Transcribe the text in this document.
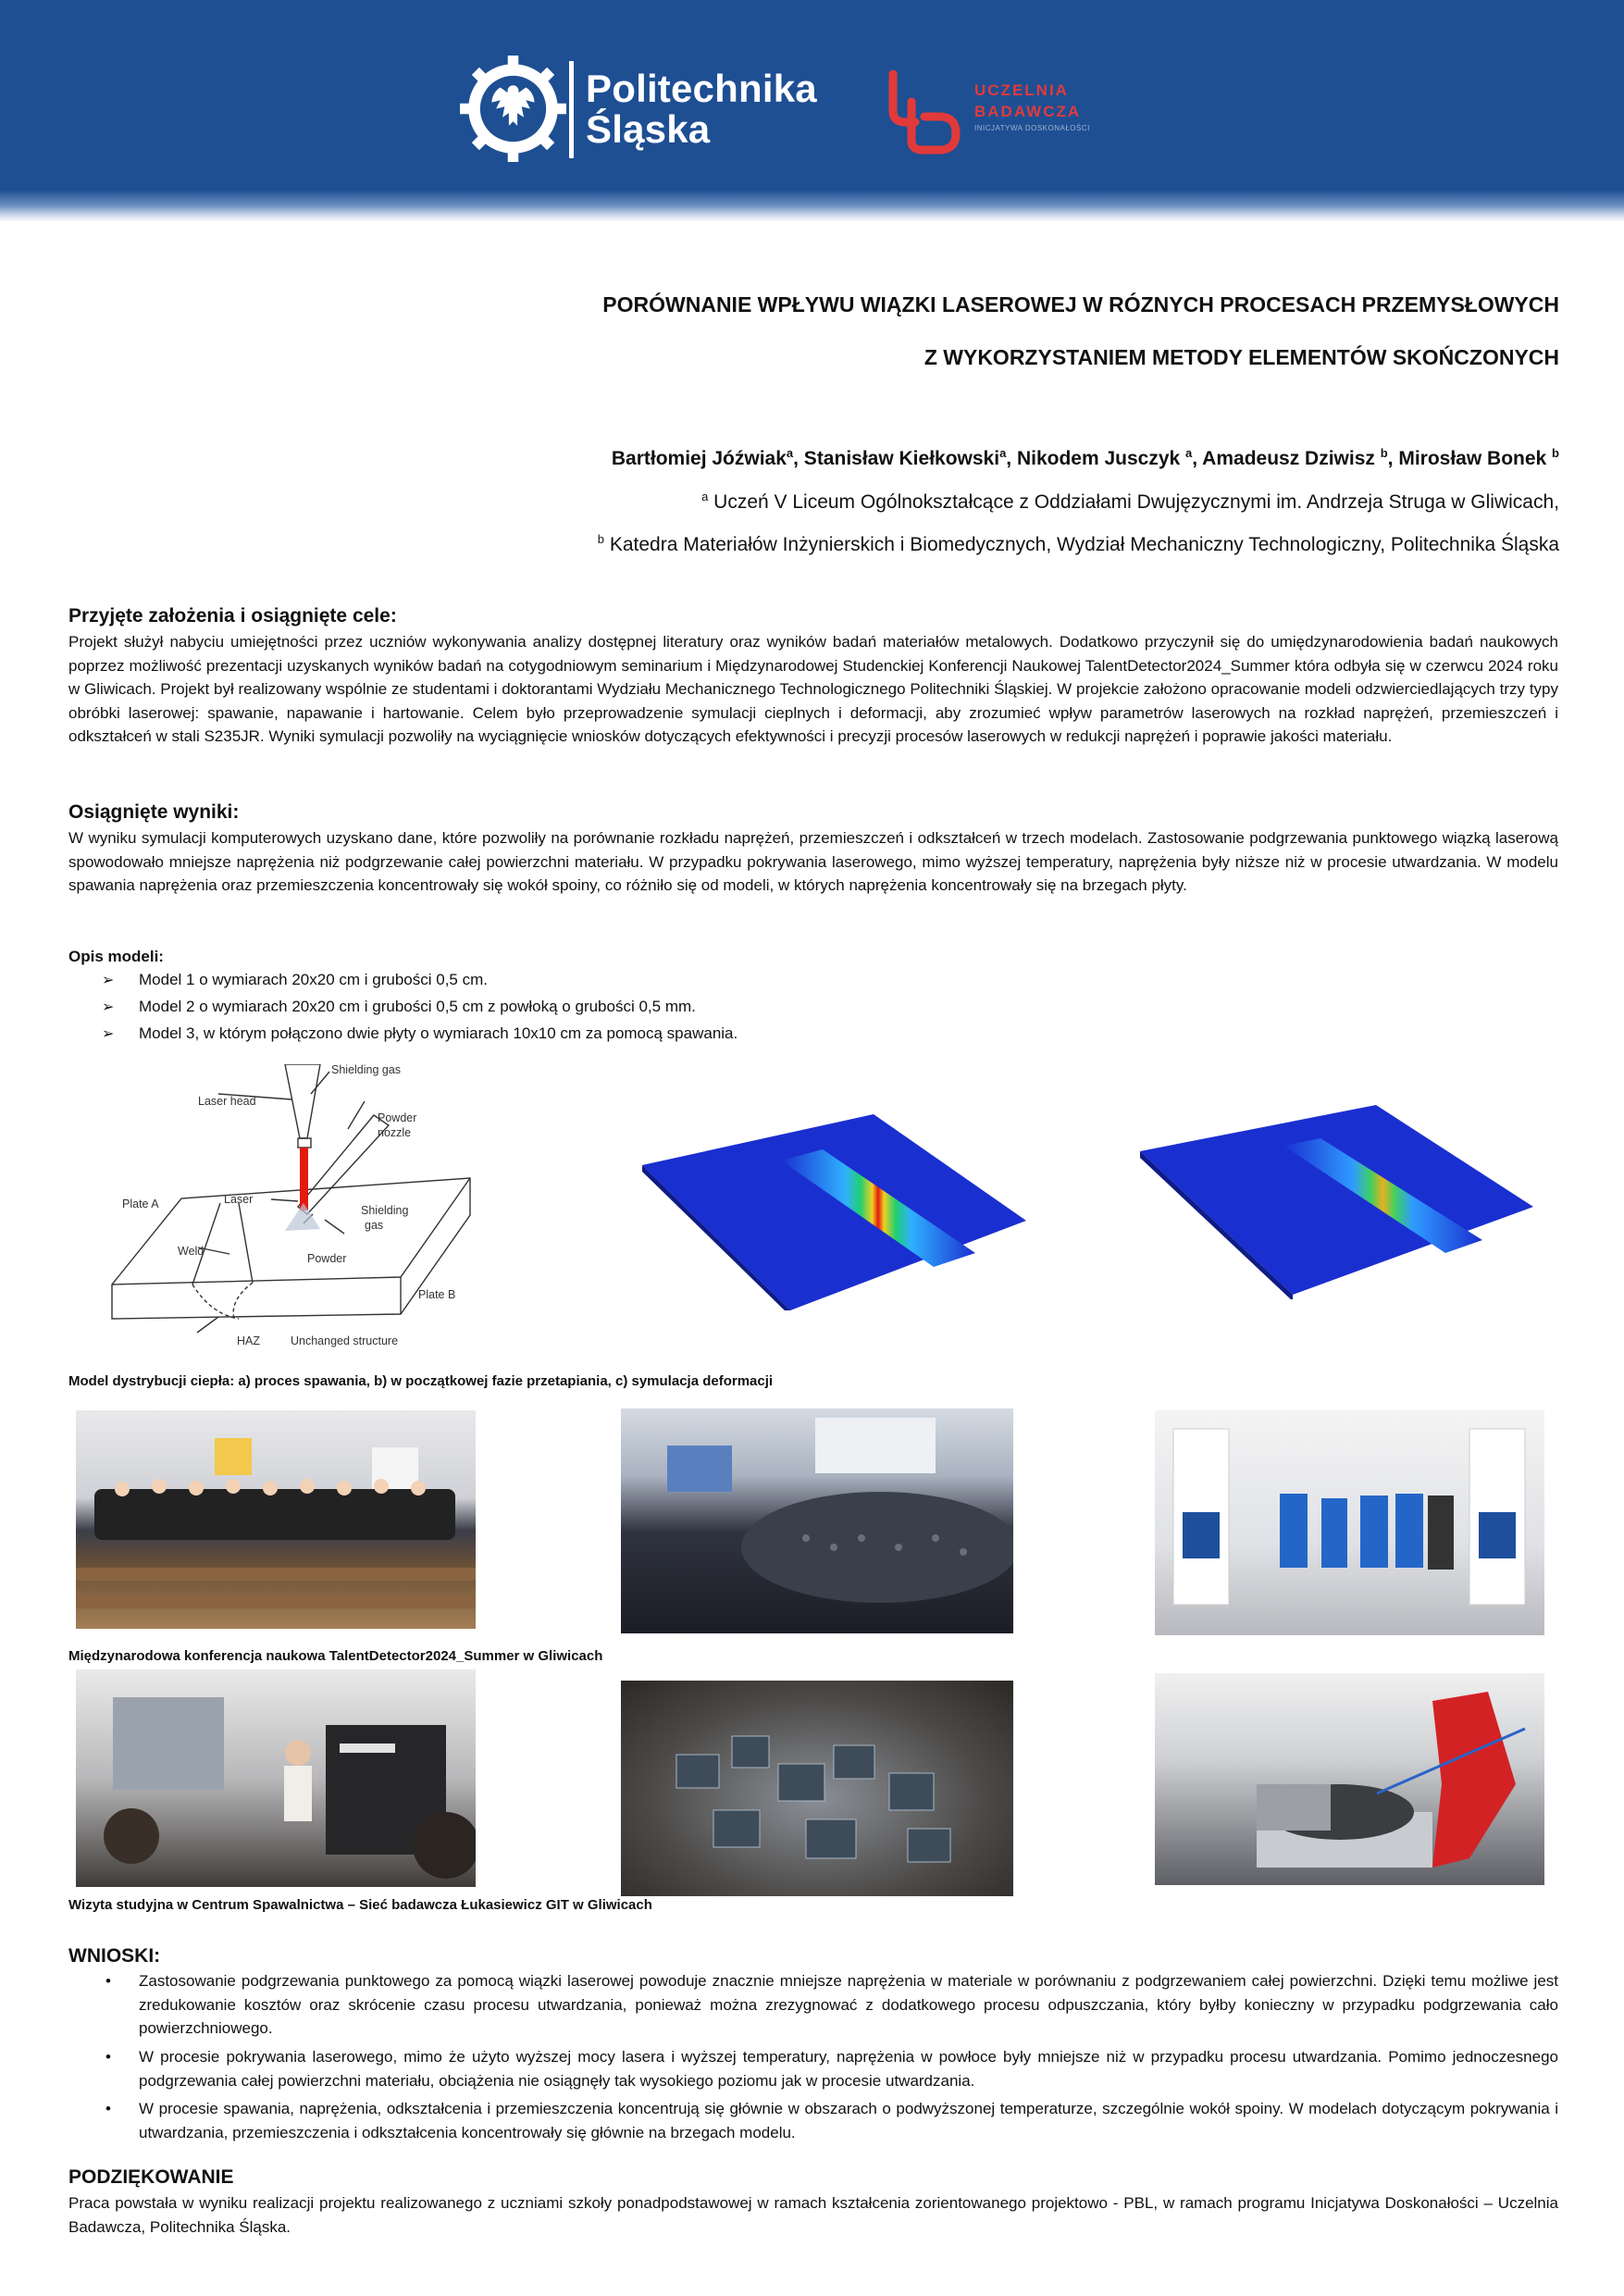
Politechnika
Śląska
UCZELNIA
BADAWCZA
INICJATYWA DOSKONAŁOŚCI
PORÓWNANIE WPŁYWU WIĄZKI LASEROWEJ W RÓZNYCH PROCESACH PRZEMYSŁOWYCH
Z WYKORZYSTANIEM METODY ELEMENTÓW SKOŃCZONYCH
Bartłomiej Jóźwiak$^a$, Stanisław Kiełkowski$^a$, Nikodem Jusczyk $^a$, Amadeusz Dziwisz $^b$, Mirosław Bonek $^b$
$^a$ Uczeń V Liceum Ogólnokształcące z Oddziałami Dwujęzycznymi im. Andrzeja Struga w Gliwicach,
$^b$ Katedra Materiałów Inżynierskich i Biomedycznych, Wydział Mechaniczny Technologiczny, Politechnika Śląska
Przyjęte założenia i osiągnięte cele:
Projekt służył nabyciu umiejętności przez uczniów wykonywania analizy dostępnej literatury oraz wyników badań materiałów metalowych. Dodatkowo przyczynił się do umiędzynarodowienia badań naukowych poprzez możliwość prezentacji uzyskanych wyników badań na cotygodniowym seminarium i Międzynarodowej Studenckiej Konferencji Naukowej TalentDetector2024_Summer która odbyła się w czerwcu 2024 roku w Gliwicach. Projekt był realizowany wspólnie ze studentami i doktorantami Wydziału Mechanicznego Technologicznego Politechniki Śląskiej. W projekcie założono opracowanie modeli odzwierciedlających trzy typy obróbki laserowej: spawanie, napawanie i hartowanie. Celem było przeprowadzenie symulacji cieplnych i deformacji, aby zrozumieć wpływ parametrów laserowych na rozkład naprężeń, przemieszczeń i odkształceń w stali S235JR. Wyniki symulacji pozwoliły na wyciągnięcie wniosków dotyczących efektywności i precyzji procesów laserowych w redukcji naprężeń i poprawie jakości materiału.
Osiągnięte wyniki:
W wyniku symulacji komputerowych uzyskano dane, które pozwoliły na porównanie rozkładu naprężeń, przemieszczeń i odkształceń w trzech modelach. Zastosowanie podgrzewania punktowego wiązką laserową spowodowało mniejsze naprężenia niż podgrzewanie całej powierzchni materiału. W przypadku pokrywania laserowego, mimo wyższej temperatury, naprężenia były niższe niż w procesie utwardzania. W modelu spawania naprężenia oraz przemieszczenia koncentrowały się wokół spoiny, co różniło się od modeli, w których naprężenia koncentrowały się na brzegach płyty.
Opis modeli:
➢	Model 1 o wymiarach 20x20 cm i grubości 0,5 cm.
➢	Model 2 o wymiarach 20x20 cm i grubości 0,5 cm z powłoką o grubości 0,5 mm.
➢	Model 3, w którym połączono dwie płyty o wymiarach 10x10 cm za pomocą spawania.
Laser head
Shielding gas
Powder
nozzle
Plate A	Laser
Shielding
gas
Weld
Powder
Plate B
HAZ	Unchanged structure
Model dystrybucji ciepła: a) proces spawania, b) w początkowej fazie przetapiania, c) symulacja deformacji
Międzynarodowa konferencja naukowa TalentDetector2024_Summer w Gliwicach
Wizyta studyjna w Centrum Spawalnictwa – Sieć badawcza Łukasiewicz GIT w Gliwicach
WNIOSKI:
• Zastosowanie podgrzewania punktowego za pomocą wiązki laserowej powoduje znacznie mniejsze naprężenia w materiale w porównaniu z podgrzewaniem całej powierzchni. Dzięki temu możliwe jest zredukowanie kosztów oraz skrócenie czasu procesu utwardzania, ponieważ można zrezygnować z dodatkowego procesu odpuszczania, który byłby konieczny w przypadku podgrzewania cało powierzchniowego.
• W procesie pokrywania laserowego, mimo że użyto wyższej mocy lasera i wyższej temperatury, naprężenia w powłoce były mniejsze niż w przypadku procesu utwardzania. Pomimo jednoczesnego podgrzewania całej powierzchni materiału, obciążenia nie osiągnęły tak wysokiego poziomu jak w procesie utwardzania.
• W procesie spawania, naprężenia, odkształcenia i przemieszczenia koncentrują się głównie w obszarach o podwyższonej temperaturze, szczególnie wokół spoiny. W modelach dotyczącym pokrywania i utwardzania, przemieszczenia i odkształcenia koncentrowały się głównie na brzegach modelu.
PODZIĘKOWANIE
Praca powstała w wyniku realizacji projektu realizowanego z uczniami szkoły ponadpodstawowej w ramach kształcenia zorientowanego projektowo - PBL, w ramach programu Inicjatywa Doskonałości – Uczelnia Badawcza, Politechnika Śląska.
